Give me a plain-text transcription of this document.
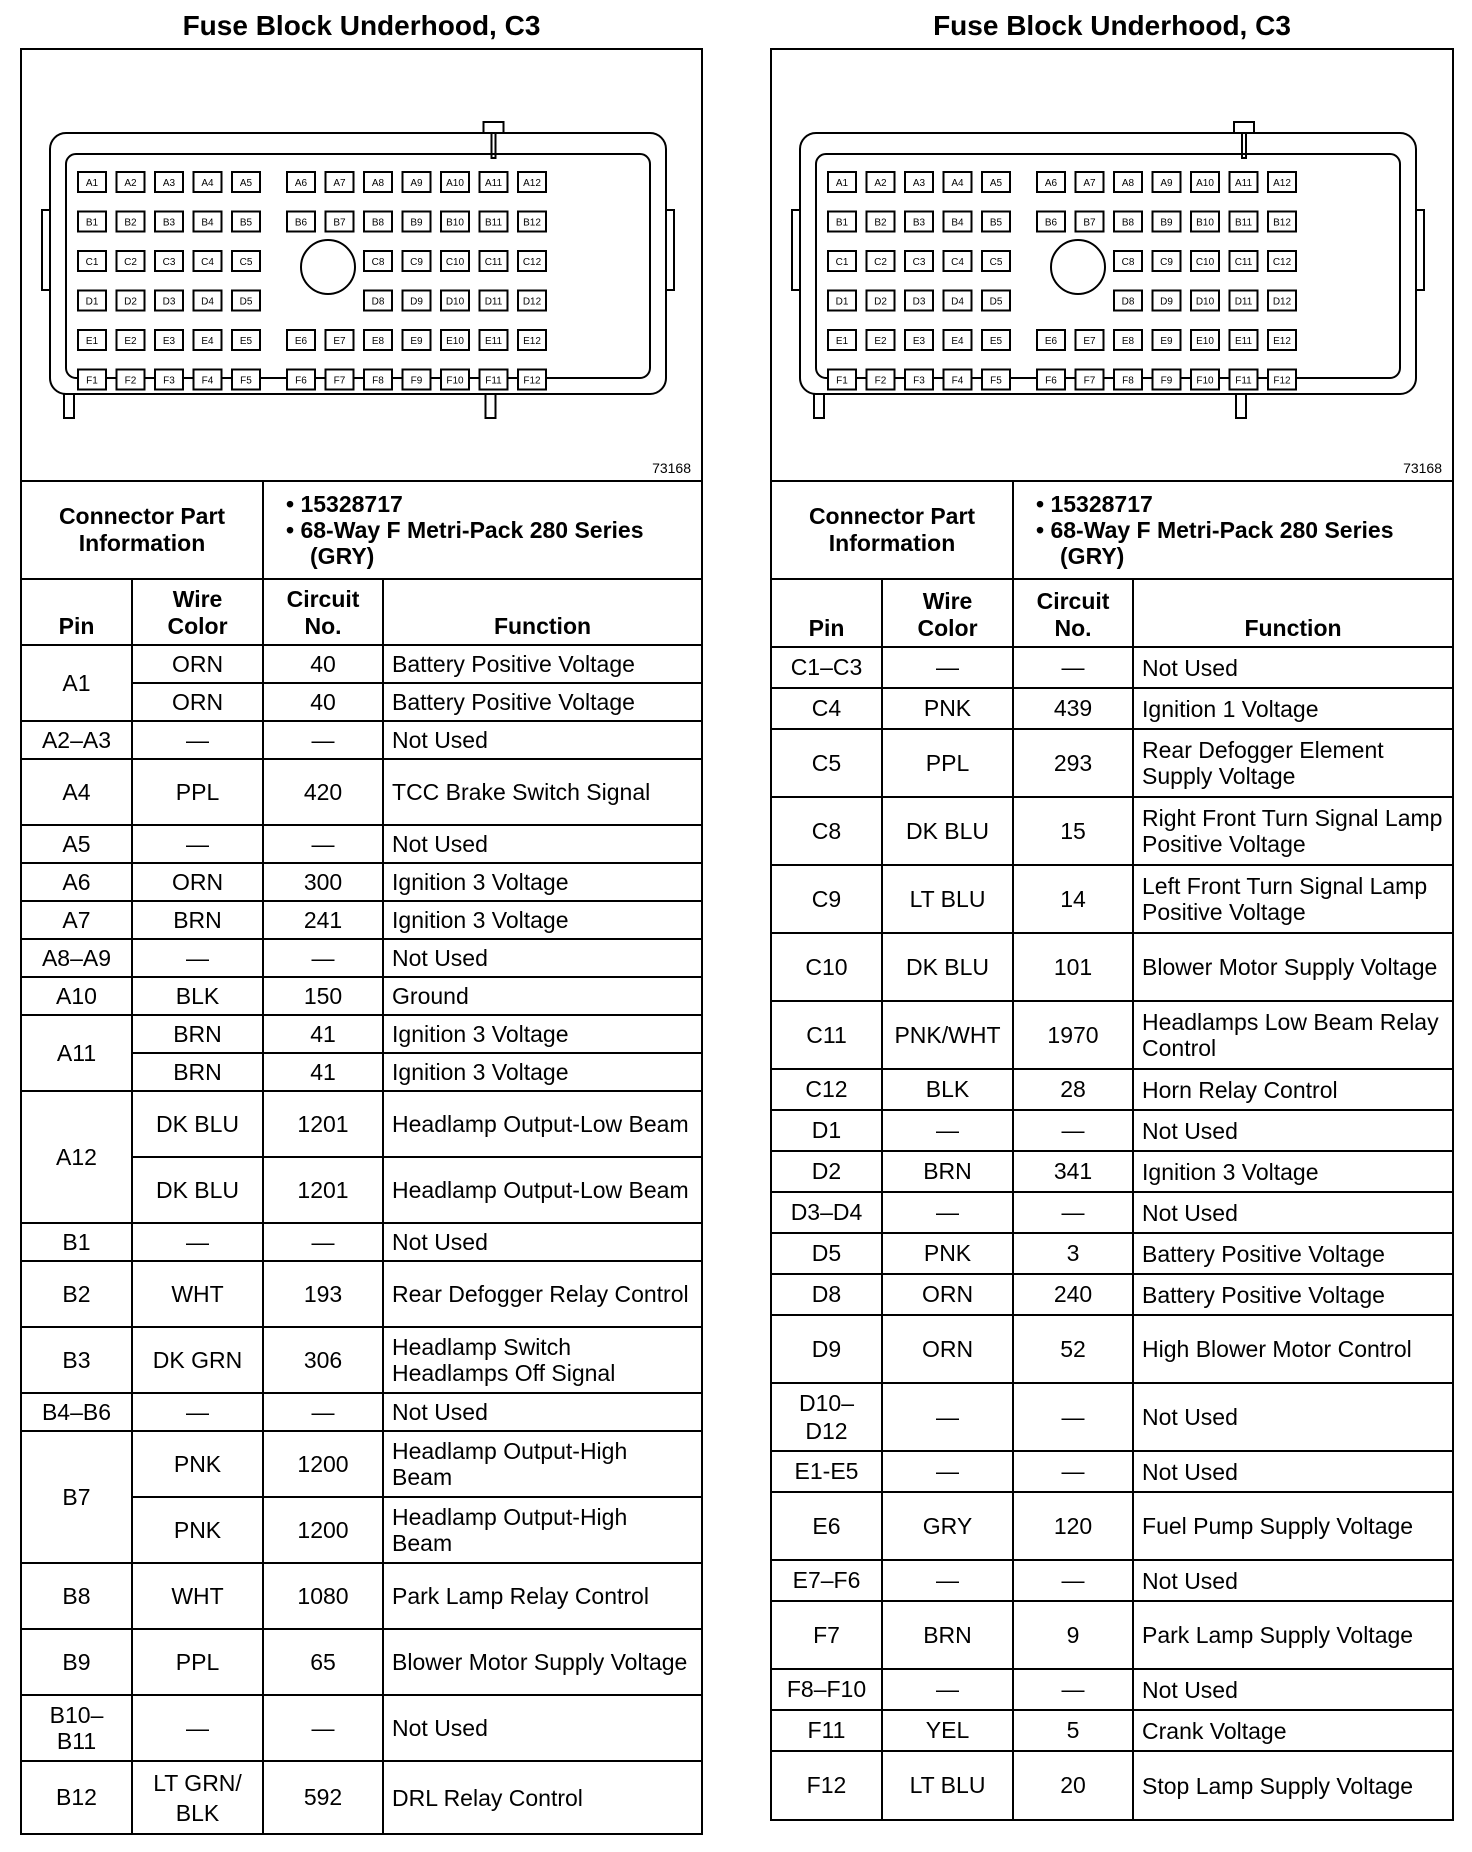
Fuse Block Underhood, C3
A1	A2	A3	A4	A5	A6	A7	A8	A9 A10 A11 A12
B1	B2	B3	B4	B5	B6	B7	B8	B9 B10 B11 B12
C1	C2	C3	C4	C5	C8	C9 C10 C11 C12
D1	D2	D3	D4	D5	D8	D9 D10 D11 D12
E1	E2	E3	E4	E5	E6	E7	E8	E9 E10 E11 E12
F1	F2	F3	F4	F5	F6	F7	F8	F9 F10 F11 F12
73168
Connector Part Information		• 15328717
• 68-Way F Metri-Pack 280 Series (GRY)	

Pin	Wire Color	Circuit No.	Function
A1	ORN	40	Battery Positive Voltage
	ORN	40	Battery Positive Voltage
A2–A3	—	—	Not Used
A4	PPL	420	TCC Brake Switch Signal
A5	—	—	Not Used
A6	ORN	300	Ignition 3 Voltage
A7	BRN	241	Ignition 3 Voltage
A8–A9	—	—	Not Used
A10	BLK	150	Ground
A11	BRN	41	Ignition 3 Voltage
	BRN	41	Ignition 3 Voltage
A12	DK BLU	1201	Headlamp Output-Low Beam
	DK BLU	1201	Headlamp Output-Low Beam
B1	—	—	Not Used
B2	WHT	193	Rear Defogger Relay Control
B3	DK GRN	306	Headlamp Switch Headlamps Off Signal
B4–B6	—	—	Not Used
B7	PNK	1200	Headlamp Output-High Beam
	PNK	1200	Headlamp Output-High Beam
B8	WHT	1080	Park Lamp Relay Control
B9	PPL	65	Blower Motor Supply Voltage
B10– B11	—	—	Not Used
B12	LT GRN/ BLK	592	DRL Relay Control
Fuse Block Underhood, C3
A1	A2	A3	A4	A5	A6	A7	A8	A9 A10 A11 A12
B1	B2	B3	B4	B5	B6	B7	B8	B9 B10 B11 B12
C1	C2	C3	C4	C5	C8	C9 C10 C11 C12
D1	D2	D3	D4	D5	D8	D9 D10 D11 D12
E1	E2	E3	E4	E5	E6	E7	E8	E9 E10 E11 E12
F1	F2	F3	F4	F5	F6	F7	F8	F9 F10 F11 F12
73168
Connector Part Information		• 15328717
• 68-Way F Metri-Pack 280 Series (GRY)	

Pin	Wire Color	Circuit No.	Function
C1–C3	—	—	Not Used
C4	PNK	439	Ignition 1 Voltage
C5	PPL	293	Rear Defogger Element Supply Voltage
C8	DK BLU	15	Right Front Turn Signal Lamp Positive Voltage
C9	LT BLU	14	Left Front Turn Signal Lamp Positive Voltage
C10	DK BLU	101	Blower Motor Supply Voltage
C11	PNK/WHT	1970	Headlamps Low Beam Relay Control
C12	BLK	28	Horn Relay Control
D1	—	—	Not Used
D2	BRN	341	Ignition 3 Voltage
D3–D4	—	—	Not Used
D5	PNK	3	Battery Positive Voltage
D8	ORN	240	Battery Positive Voltage
D9	ORN	52	High Blower Motor Control
D10– D12	—	—	Not Used
E1-E5	—	—	Not Used
E6	GRY	120	Fuel Pump Supply Voltage
E7–F6	—	—	Not Used
F7	BRN	9	Park Lamp Supply Voltage
F8–F10	—	—	Not Used
F11	YEL	5	Crank Voltage
F12	LT BLU	20	Stop Lamp Supply Voltage
